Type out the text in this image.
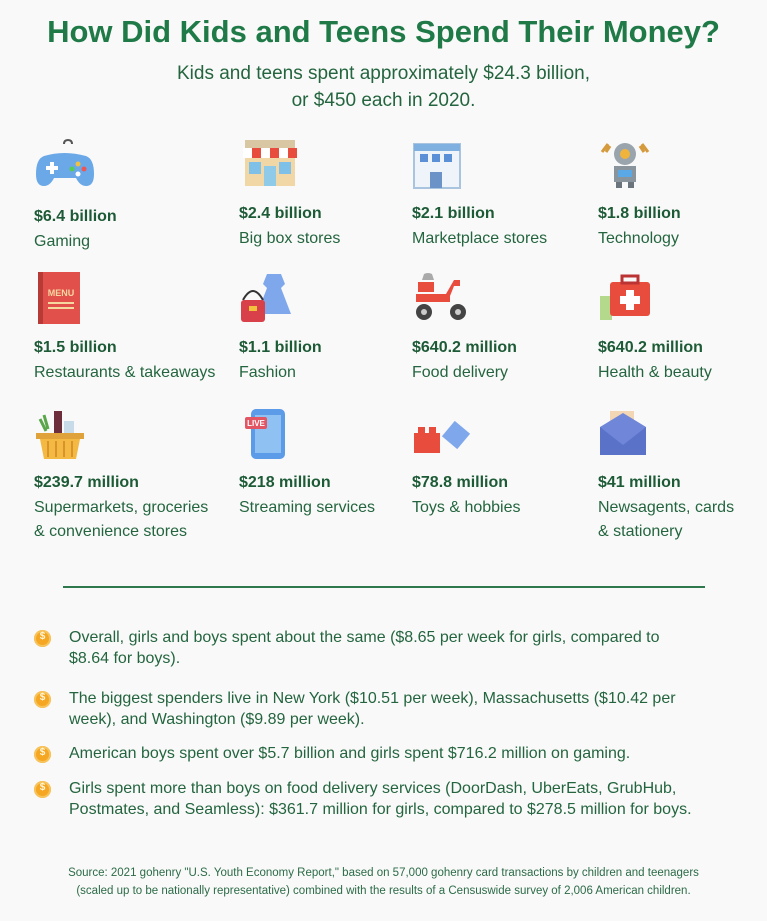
How Did Kids and Teens Spend Their Money?
Kids and teens spent approximately $24.3 billion,
or $450 each in 2020.
$6.4 billion
Gaming
$2.4 billion
Big box stores
$2.1 billion
Marketplace stores
$1.8 billion
Technology
MENU
$1.5 billion
Restaurants & takeaways
$1.1 billion
Fashion
$640.2 million
Food delivery
$640.2 million
Health & beauty
$239.7 million
Supermarkets, groceries
& convenience stores
LIVE
$218 million
Streaming services
$78.8 million
Toys & hobbies
$41 million
Newsagents, cards
& stationery
$	Overall, girls and boys spent about the same ($8.65 per week for girls, compared to
$8.64 for boys).
$	The biggest spenders live in New York ($10.51 per week), Massachusetts ($10.42 per
week), and Washington ($9.89 per week).
$	American boys spent over $5.7 billion and girls spent $716.2 million on gaming.
$	Girls spent more than boys on food delivery services (DoorDash, UberEats, GrubHub,
Postmates, and Seamless): $361.7 million for girls, compared to $278.5 million for boys.
Source: 2021 gohenry "U.S. Youth Economy Report," based on 57,000 gohenry card transactions by children and teenagers
(scaled up to be nationally representative) combined with the results of a Censuswide survey of 2,006 American children.
